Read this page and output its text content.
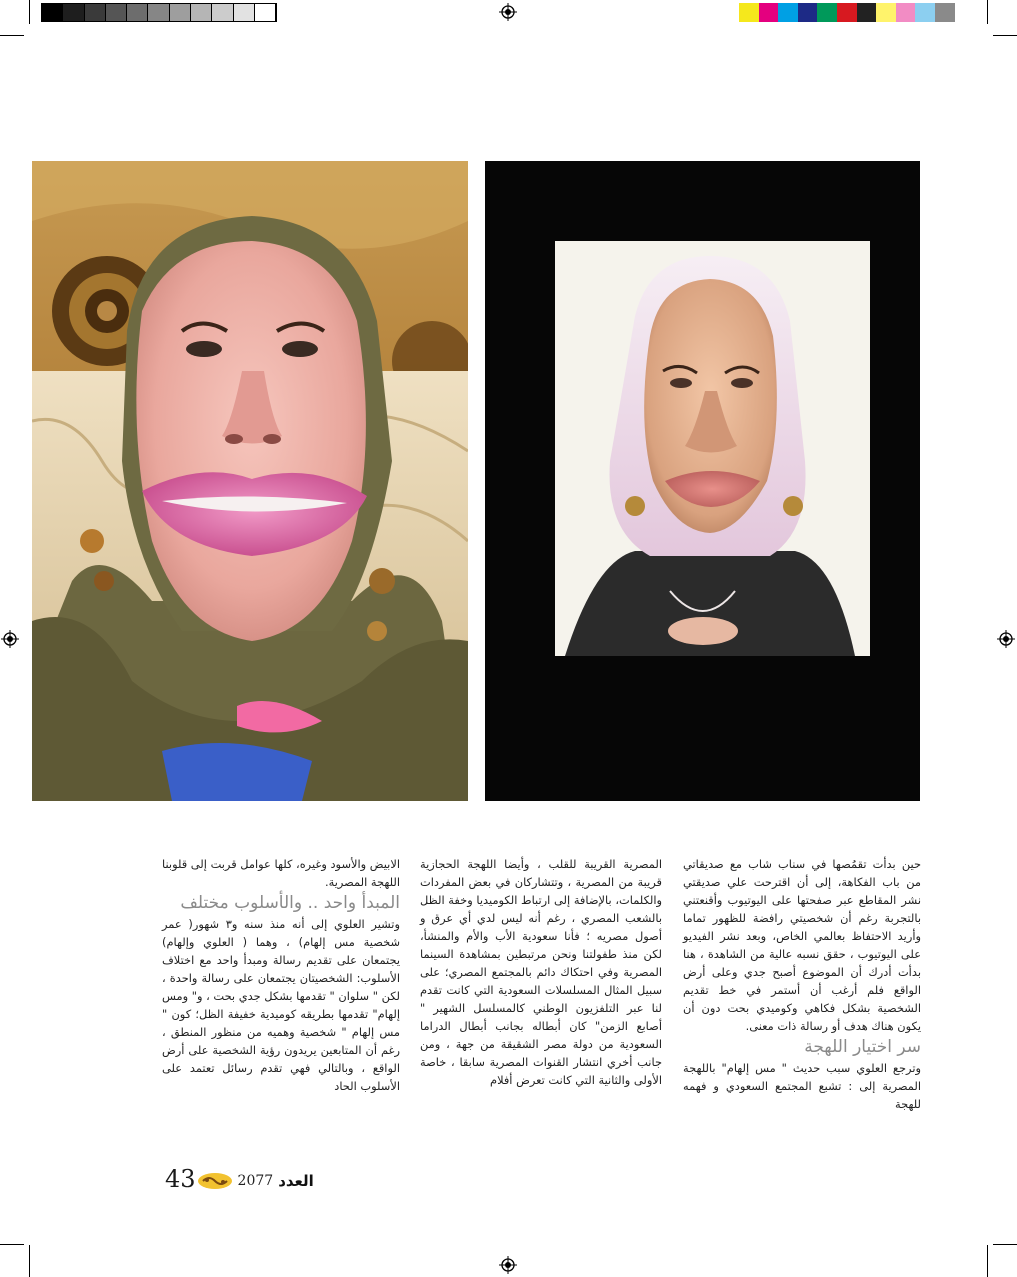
حين بدأت تقمُصها في سناب شاب مع صديقاتي من باب الفكاهة، إلى أن اقترحت علي صديقتي نشر المقاطع عبر صفحتها على اليوتيوب وأقنعتني بالتجربة رغم أن شخصيتي رافضة للظهور تماما وأريد الاحتفاظ بعالمي الخاص، وبعد نشر الفيديو على اليوتيوب ، حقق نسبه عالية من الشاهدة ، هنا بدأت أدرك أن الموضوع أصبح جدي وعلى أرض الواقع فلم أرغب أن أستمر في خط تقديم الشخصية بشكل فكاهي وكوميدي بحت دون أن يكون هناك هدف أو رسالة ذات معنى.

سر اختيار اللهجة

وترجع العلوي سبب حديث " مس إلهام" باللهجة المصرية إلى : تشبع المجتمع السعودي و فهمه للهجة

المصرية القريبة للقلب ، وأيضا اللهجة الحجازية قريبة من المصرية ، وتتشاركان في بعض المفردات والكلمات، بالإضافة إلى ارتباط الكوميديا وخفة الظل بالشعب المصري ، رغم أنه ليس لدي أي عرق و أصول مصريه ؛ فأنا سعودية الأب والأم والمنشأ، لكن منذ طفولتنا ونحن مرتبطين بمشاهدة السينما المصرية وفي احتكاك دائم بالمجتمع المصري؛ على سبيل المثال المسلسلات السعودية التي كانت تقدم لنا عبر التلفزيون الوطني كالمسلسل الشهير " أصابع الزمن" كان أبطاله بجانب أبطال الدراما السعودية من دولة مصر الشقيقة من جهة ، ومن جانب أخري انتشار القنوات المصرية سابقا ، خاصة الأولى والثانية التي كانت تعرض أفلام

الابيض والأسود وغيره، كلها عوامل قربت إلى قلوبنا اللهجة المصرية.

المبدأ واحد .. والأسلوب مختلف

وتشير العلوي إلى أنه منذ سنه و٣ شهور( عمر شخصية مس إلهام) ، وهما ( العلوي وإلهام) يجتمعان على تقديم رسالة ومبدأ واحد مع اختلاف الأسلوب: الشخصيتان يجتمعان على رسالة واحدة ، لكن " سلوان " تقدمها بشكل جدي بحت ، و" ومس إلهام" تقدمها بطريقه كوميدية خفيفة الظل؛ كون " مس إلهام " شخصية وهميه من منظور المنطق ، رغم أن المتابعين يريدون رؤية الشخصية على أرض الواقع ، وبالتالي فهي تقدم رسائل تعتمد على الأسلوب الحاد

43	2077 العدد
